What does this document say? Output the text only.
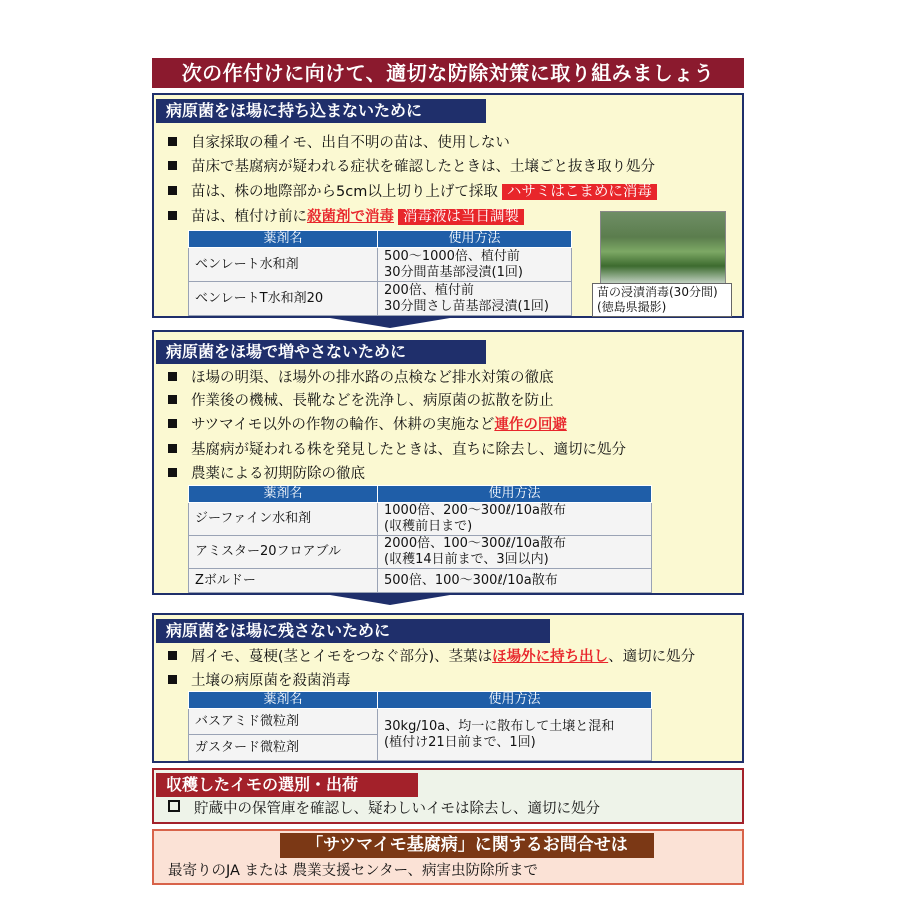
次の作付けに向けて、適切な防除対策に取り組みましょう
病原菌をほ場に持ち込まないために
自家採取の種イモ、出自不明の苗は、使用しない
苗床で基腐病が疑われる症状を確認したときは、土壌ごと抜き取り処分
苗は、株の地際部から5cm以上切り上げて採取 ハサミはこまめに消毒
苗は、植付け前に殺菌剤で消毒 消毒液は当日調製
薬剤名	使用方法
ベンレート水和剤	500～1000倍、植付前
30分間苗基部浸漬(1回)

ベンレートT水和剤20	200倍、植付前
30分間さし苗基部浸漬(1回)
苗の浸漬消毒(30分間)
(徳島県撮影)
病原菌をほ場で増やさないために
ほ場の明渠、ほ場外の排水路の点検など排水対策の徹底
作業後の機械、長靴などを洗浄し、病原菌の拡散を防止
サツマイモ以外の作物の輪作、休耕の実施など連作の回避
基腐病が疑われる株を発見したときは、直ちに除去し、適切に処分
農薬による初期防除の徹底
薬剤名	使用方法
ジーファイン水和剤	1000倍、200～300ℓ/10a散布
(収穫前日まで)

アミスター20フロアブル	2000倍、100～300ℓ/10a散布
(収穫14日前まで、3回以内)

Zボルドー	500倍、100～300ℓ/10a散布
病原菌をほ場に残さないために
屑イモ、蔓梗(茎とイモをつなぐ部分)、茎葉はほ場外に持ち出し、適切に処分
土壌の病原菌を殺菌消毒
薬剤名	使用方法
バスアミド微粒剤	30kg/10a、均一に散布して土壌と混和
(植付け21日前まで、1回)

ガスタード微粒剤	
収穫したイモの選別・出荷
貯蔵中の保管庫を確認し、疑わしいイモは除去し、適切に処分
「サツマイモ基腐病」に関するお問合せは
最寄りのJA または 農業支援センター、病害虫防除所まで
